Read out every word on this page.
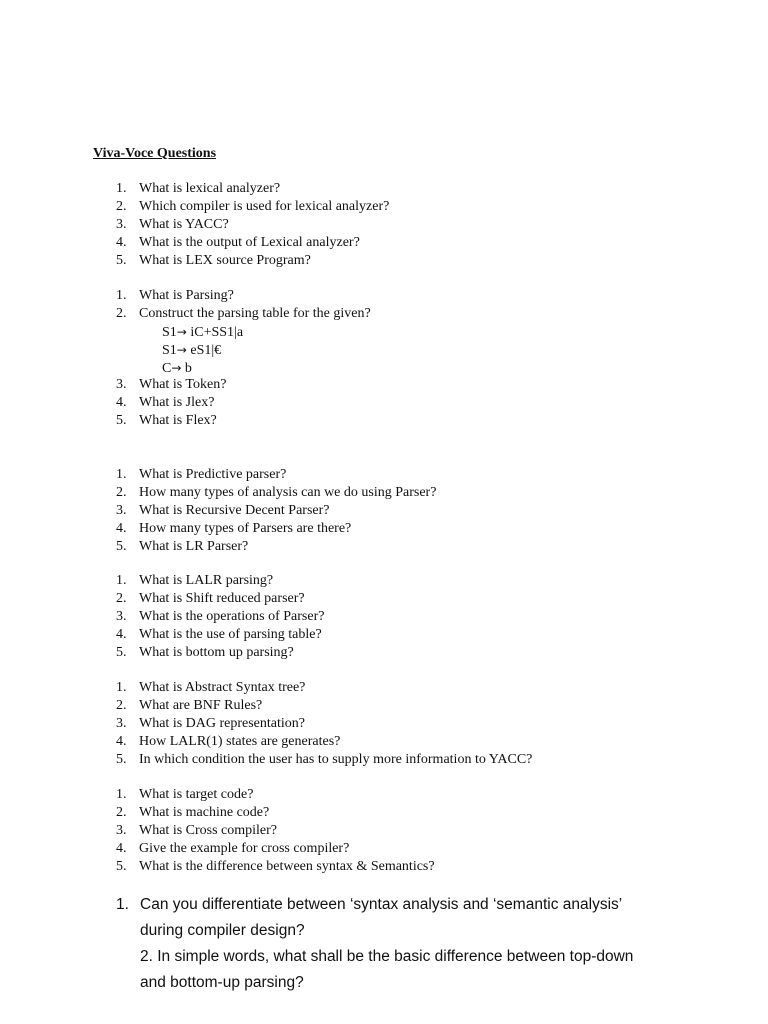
Viva-Voce Questions
1. What is lexical analyzer?
2. Which compiler is used for lexical analyzer?
3. What is YACC?
4. What is the output of Lexical analyzer?
5. What is LEX source Program?
1. What is Parsing?
2. Construct the parsing table for the given?
S1→ iC+SS1|a
S1→ eS1|€
C→ b
3. What is Token?
4. What is Jlex?
5. What is Flex?
1. What is Predictive parser?
2. How many types of analysis can we do using Parser?
3. What is Recursive Decent Parser?
4. How many types of Parsers are there?
5. What is LR Parser?
1. What is LALR parsing?
2. What is Shift reduced parser?
3. What is the operations of Parser?
4. What is the use of parsing table?
5. What is bottom up parsing?
1. What is Abstract Syntax tree?
2. What are BNF Rules?
3. What is DAG representation?
4. How LALR(1) states are generates?
5. In which condition the user has to supply more information to YACC?
1. What is target code?
2. What is machine code?
3. What is Cross compiler?
4. Give the example for cross compiler?
5. What is the difference between syntax & Semantics?
1. Can you differentiate between ‘syntax analysis and ‘semantic analysis’
during compiler design?
2. In simple words, what shall be the basic difference between top-down
and bottom-up parsing?
